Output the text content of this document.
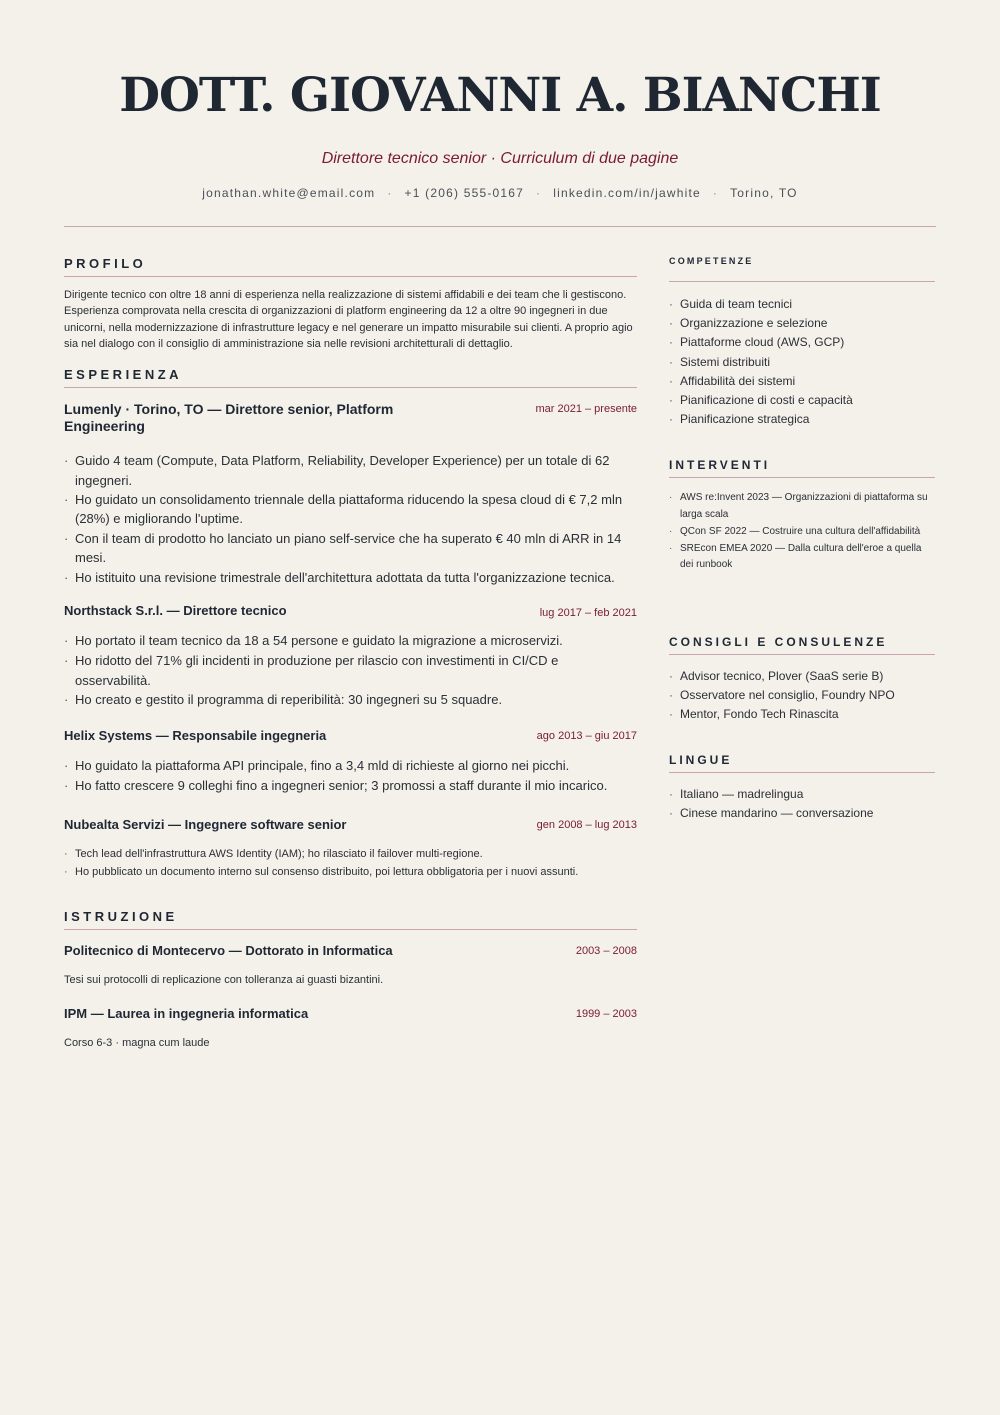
DOTT. GIOVANNI A. BIANCHI
Direttore tecnico senior · Curriculum di due pagine
jonathan.white@email.com · +1 (206) 555-0167 · linkedin.com/in/jawhite · Torino, TO
PROFILO

Dirigente tecnico con oltre 18 anni di esperienza nella realizzazione di sistemi affidabili e dei team che li gestiscono. Esperienza comprovata nella crescita di organizzazioni di platform engineering da 12 a oltre 90 ingegneri in due unicorni, nella modernizzazione di infrastrutture legacy e nel generare un impatto misurabile sui clienti. A proprio agio sia nel dialogo con il consiglio di amministrazione sia nelle revisioni architetturali di dettaglio.

ESPERIENZA
Lumenly · Torino, TO — Direttore senior, Platform Engineering
mar 2021 – presente
· Guido 4 team (Compute, Data Platform, Reliability, Developer Experience) per un totale di 62 ingegneri.
· Ho guidato un consolidamento triennale della piattaforma riducendo la spesa cloud di € 7,2 mln (28%) e migliorando l'uptime.
· Con il team di prodotto ho lanciato un piano self-service che ha superato € 40 mln di ARR in 14 mesi.
· Ho istituito una revisione trimestrale dell'architettura adottata da tutta l'organizzazione tecnica.
Northstack S.r.l. — Direttore tecnico	lug 2017 – feb 2021
· Ho portato il team tecnico da 18 a 54 persone e guidato la migrazione a microservizi.
· Ho ridotto del 71% gli incidenti in produzione per rilascio con investimenti in CI/CD e osservabilità.
· Ho creato e gestito il programma di reperibilità: 30 ingegneri su 5 squadre.
Helix Systems — Responsabile ingegneria	ago 2013 – giu 2017
· Ho guidato la piattaforma API principale, fino a 3,4 mld di richieste al giorno nei picchi.
· Ho fatto crescere 9 colleghi fino a ingegneri senior; 3 promossi a staff durante il mio incarico.
Nubealta Servizi — Ingegnere software senior	gen 2008 – lug 2013
· Tech lead dell'infrastruttura AWS Identity (IAM); ho rilasciato il failover multi-regione.
· Ho pubblicato un documento interno sul consenso distribuito, poi lettura obbligatoria per i nuovi assunti.
ISTRUZIONE
Politecnico di Montecervo — Dottorato in Informatica	2003 – 2008
Tesi sui protocolli di replicazione con tolleranza ai guasti bizantini.
IPM — Laurea in ingegneria informatica	1999 – 2003
Corso 6-3 · magna cum laude
COMPETENZE
· Guida di team tecnici
· Organizzazione e selezione
· Piattaforme cloud (AWS, GCP)
· Sistemi distribuiti
· Affidabilità dei sistemi
· Pianificazione di costi e capacità
· Pianificazione strategica
INTERVENTI
· AWS re:Invent 2023 — Organizzazioni di piattaforma su larga scala
· QCon SF 2022 — Costruire una cultura dell'affidabilità
· SREcon EMEA 2020 — Dalla cultura dell'eroe a quella dei runbook
CONSIGLI E CONSULENZE
· Advisor tecnico, Plover (SaaS serie B)
· Osservatore nel consiglio, Foundry NPO
· Mentor, Fondo Tech Rinascita
LINGUE
· Italiano — madrelingua
· Cinese mandarino — conversazione
